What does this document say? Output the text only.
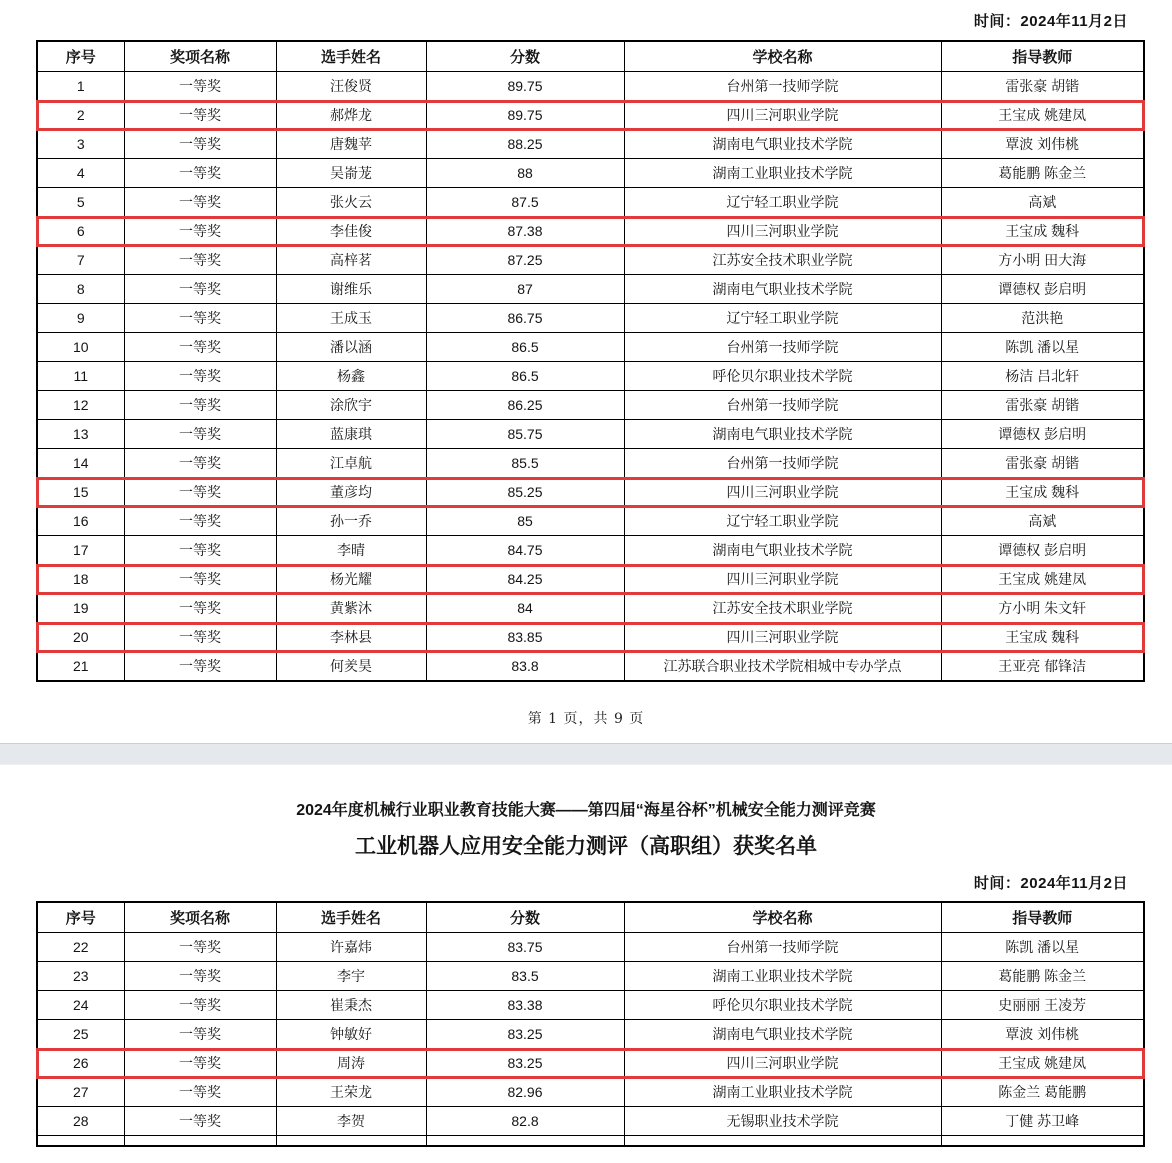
时间：2024年11月2日
序号	奖项名称	选手姓名	分数	学校名称	指导教师
1	一等奖	汪俊贤	89.75	台州第一技师学院	雷张豪 胡锴
2	一等奖	郝烨龙	89.75	四川三河职业学院	王宝成 姚建凤
3	一等奖	唐魏苹	88.25	湖南电气职业技术学院	覃波 刘伟桃
4	一等奖	吴嵛茏	88	湖南工业职业技术学院	葛能鹏 陈金兰
5	一等奖	张火云	87.5	辽宁轻工职业学院	高斌
6	一等奖	李佳俊	87.38	四川三河职业学院	王宝成 魏科
7	一等奖	高梓茗	87.25	江苏安全技术职业学院	方小明 田大海
8	一等奖	谢维乐	87	湖南电气职业技术学院	谭德权 彭启明
9	一等奖	王成玉	86.75	辽宁轻工职业学院	范洪艳
10	一等奖	潘以涵	86.5	台州第一技师学院	陈凯 潘以星
11	一等奖	杨鑫	86.5	呼伦贝尔职业技术学院	杨洁 吕北轩
12	一等奖	涂欣宇	86.25	台州第一技师学院	雷张豪 胡锴
13	一等奖	蓝康琪	85.75	湖南电气职业技术学院	谭德权 彭启明
14	一等奖	江卓航	85.5	台州第一技师学院	雷张豪 胡锴
15	一等奖	董彦均	85.25	四川三河职业学院	王宝成 魏科
16	一等奖	孙一乔	85	辽宁轻工职业学院	高斌
17	一等奖	李晴	84.75	湖南电气职业技术学院	谭德权 彭启明
18	一等奖	杨光耀	84.25	四川三河职业学院	王宝成 姚建凤
19	一等奖	黄紫沐	84	江苏安全技术职业学院	方小明 朱文轩
20	一等奖	李林县	83.85	四川三河职业学院	王宝成 魏科
21	一等奖	何羑昊	83.8	江苏联合职业技术学院相城中专办学点	王亚亮 郁锋洁
第 1 页，共 9 页
2024年度机械行业职业教育技能大赛——第四届“海星谷杯”机械安全能力测评竞赛
工业机器人应用安全能力测评（高职组）获奖名单
时间：2024年11月2日
序号	奖项名称	选手姓名	分数	学校名称	指导教师
22	一等奖	许嘉炜	83.75	台州第一技师学院	陈凯 潘以星
23	一等奖	李宇	83.5	湖南工业职业技术学院	葛能鹏 陈金兰
24	一等奖	崔秉杰	83.38	呼伦贝尔职业技术学院	史丽丽 王凌芳
25	一等奖	钟敏好	83.25	湖南电气职业技术学院	覃波 刘伟桃
26	一等奖	周涛	83.25	四川三河职业学院	王宝成 姚建凤
27	一等奖	王荣龙	82.96	湖南工业职业技术学院	陈金兰 葛能鹏
28	一等奖	李贺	82.8	无锡职业技术学院	丁健 苏卫峰
